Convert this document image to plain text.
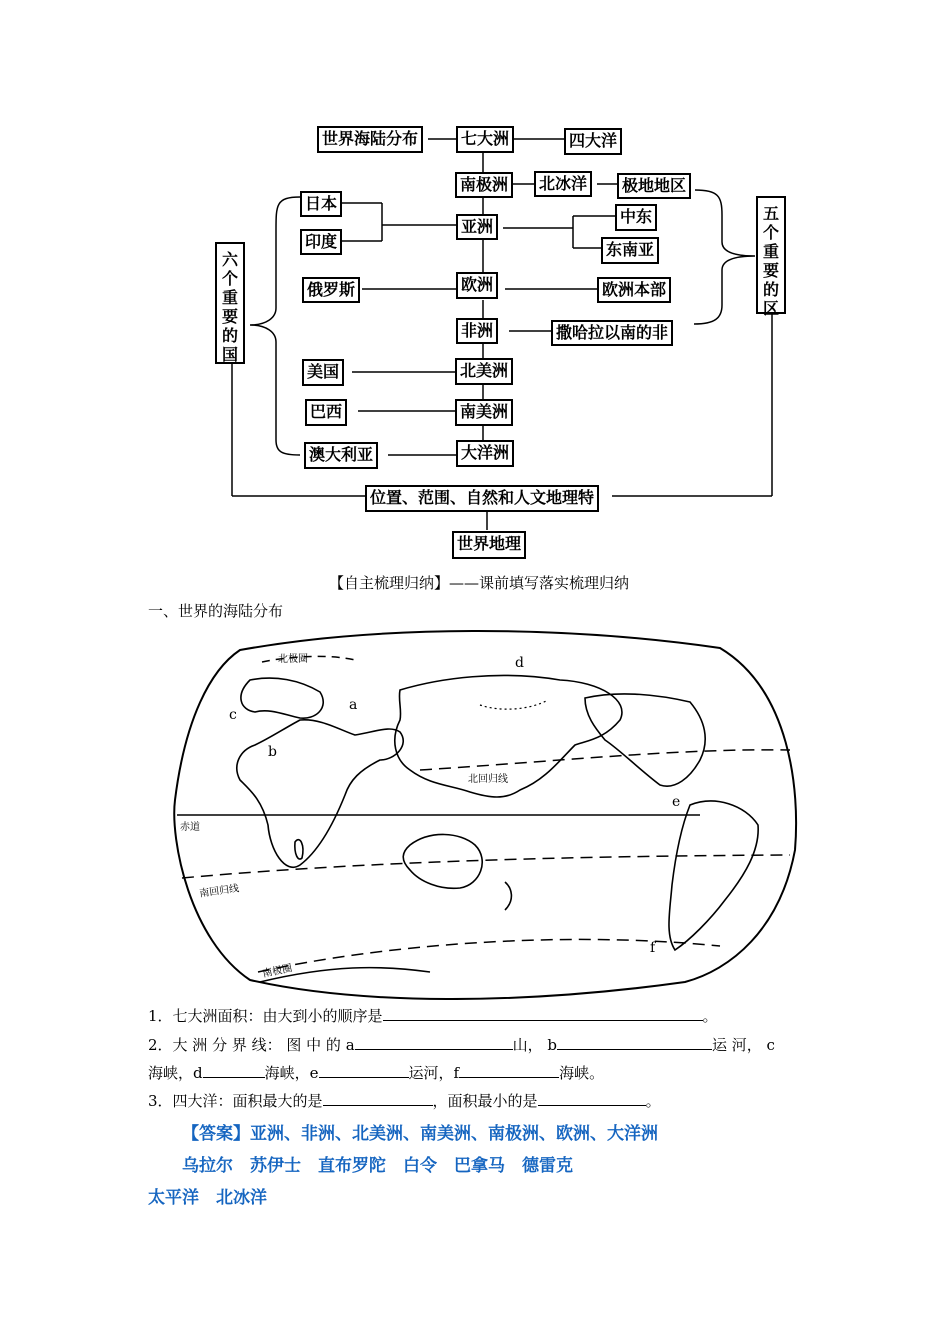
世界海陆分布	七大洲	四大洋
南极洲	北冰洋	极地地区
日本
印度
亚洲
中东
东南亚
俄罗斯	欧洲	欧洲本部
非洲	撒哈拉以南的非
美国	北美洲
巴西	南美洲
澳大利亚	大洋洲
位置、范围、自然和人文地理特
世界地理
六
个
重
要
的
国
五
个
重
要
的
区
【自主梳理归纳】——课前填写落实梳理归纳
一、世界的海陆分布
北极圈
北回归线
赤道
南回归线
南极圈
a
b
c
d
e
f
1．七大洲面积：由大到小的顺序是	。
2．大 洲 分 界 线： 图 中 的 a	山， b	运 河， c
海峡，d	海峡，e	运河，f	海峡。
3．四大洋：面积最大的是	，面积最小的是	。
【答案】亚洲、非洲、北美洲、南美洲、南极洲、欧洲、大洋洲
乌拉尔　苏伊士　直布罗陀　白令　巴拿马　德雷克
太平洋　北冰洋
